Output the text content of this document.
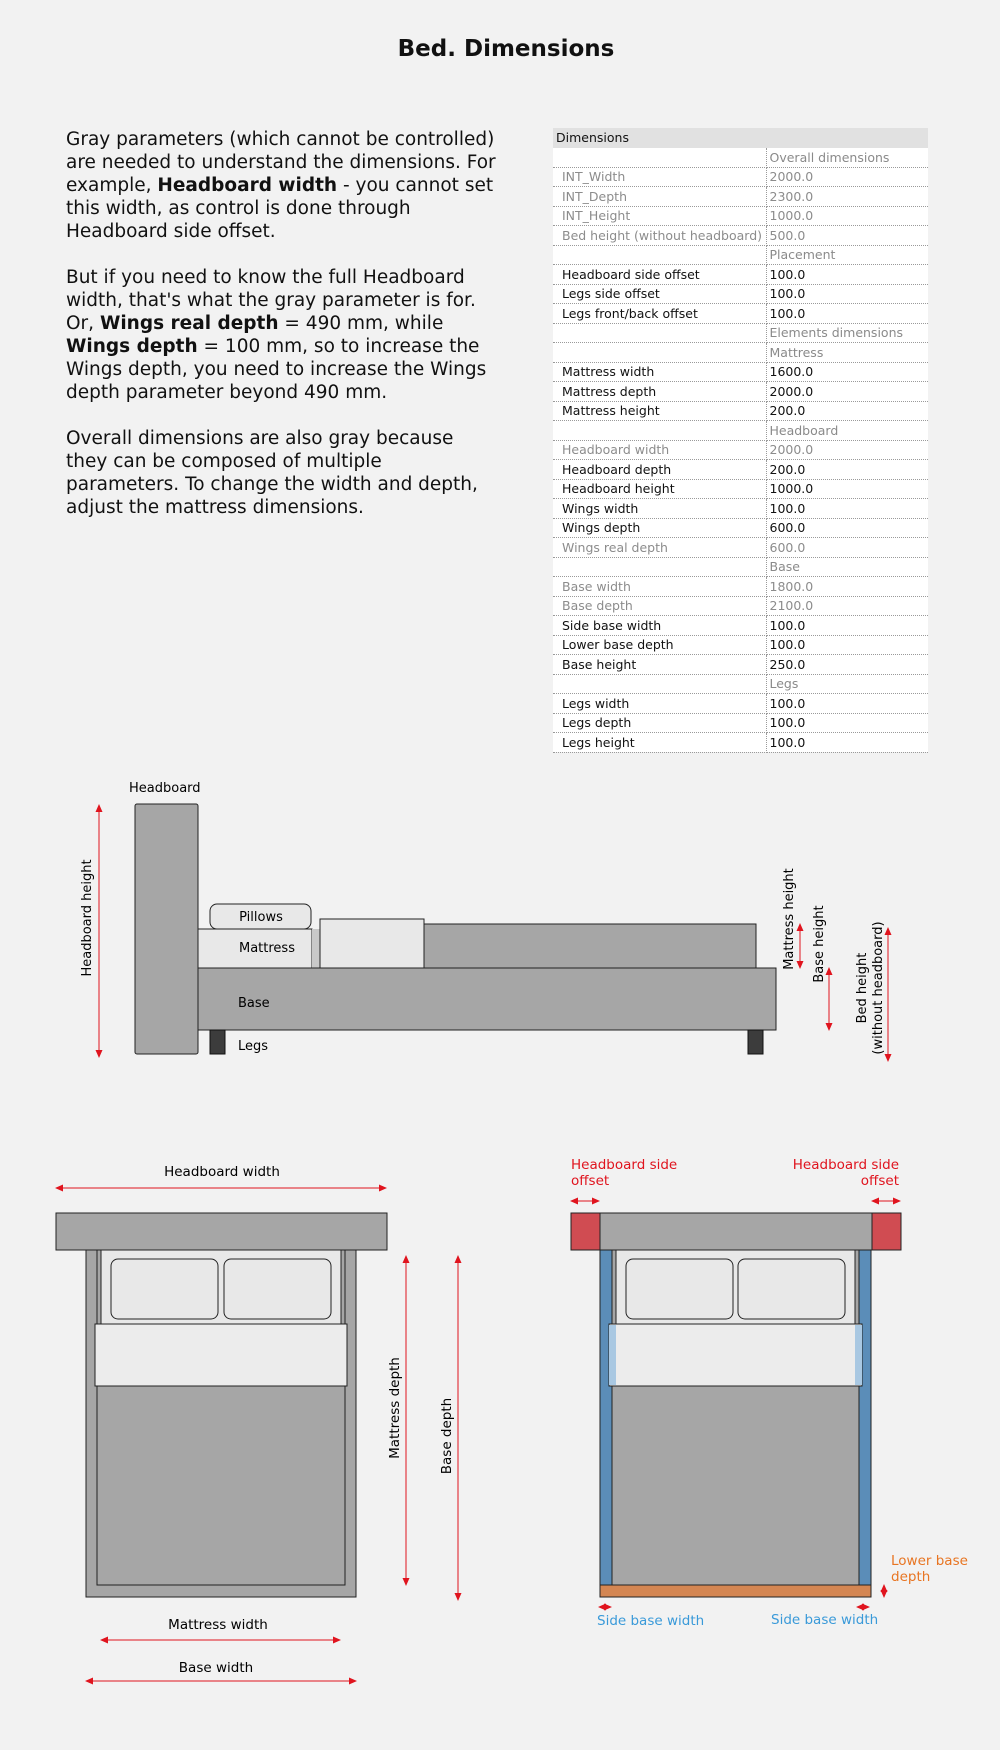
Bed. Dimensions

Gray parameters (which cannot be controlled) are needed to understand the dimensions. For example, Headboard width - you cannot set this width, as control is done through Headboard side offset.

But if you need to know the full Headboard width, that's what the gray parameter is for. Or, Wings real depth = 490 mm, while Wings depth = 100 mm, so to increase the Wings depth, you need to increase the Wings depth parameter beyond 490 mm.

Overall dimensions are also gray because they can be composed of multiple parameters. To change the width and depth, adjust the mattress dimensions.

Dimensions	
	Overall dimensions
INT_Width	2000.0
INT_Depth	2300.0
INT_Height	1000.0
Bed height (without headboard)	500.0
	Placement
Headboard side offset	100.0
Legs side offset	100.0
Legs front/back offset	100.0
	Elements dimensions
	Mattress
Mattress width	1600.0
Mattress depth	2000.0
Mattress height	200.0
	Headboard
Headboard width	2000.0
Headboard depth	200.0
Headboard height	1000.0
Wings width	100.0
Wings depth	600.0
Wings real depth	600.0
	Base
Base width	1800.0
Base depth	2100.0
Side base width	100.0
Lower base depth	100.0
Base height	250.0
	Legs
Legs width	100.0
Legs depth	100.0
Legs height	100.0
Headboard
Headboard height	Mattress
Pillows
Base
Legs
Mattress height Base height
Bed height (without headboard)
Headboard width
Mattress depth	Base depth
Mattress width
Base width
Headboard side
offset
Headboard side
offset
Side base width	Side base width
Lower base
depth
